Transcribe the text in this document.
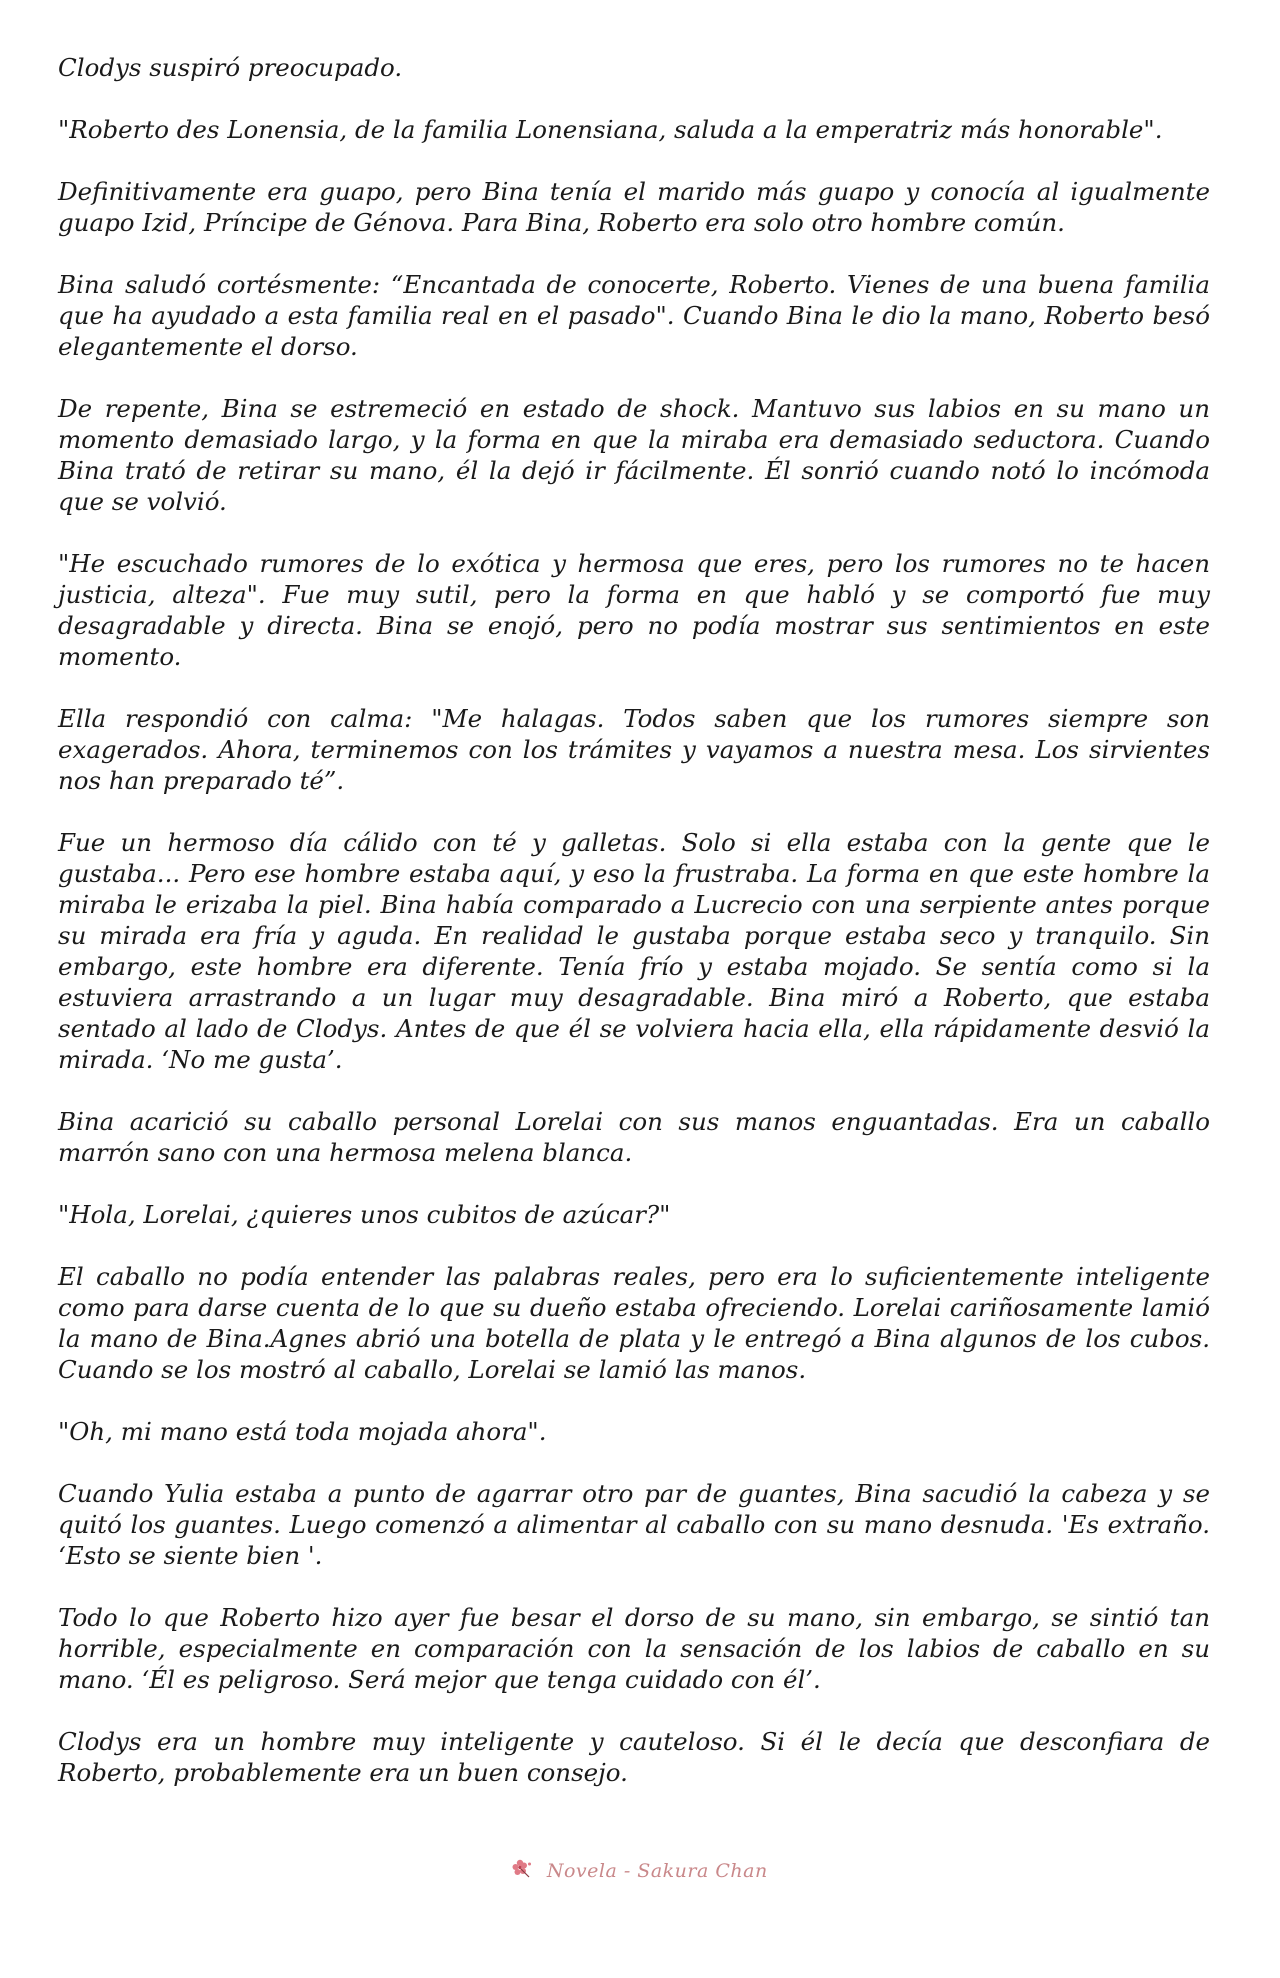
Clodys suspiró preocupado.

"Roberto des Lonensia, de la familia Lonensiana, saluda a la emperatriz más honorable".

Definitivamente era guapo, pero Bina tenía el marido más guapo y conocía al igualmente guapo Izid, Príncipe de Génova. Para Bina, Roberto era solo otro hombre común.

Bina saludó cortésmente: “Encantada de conocerte, Roberto. Vienes de una buena familia que ha ayudado a esta familia real en el pasado". Cuando Bina le dio la mano, Roberto besó elegantemente el dorso.

De repente, Bina se estremeció en estado de shock. Mantuvo sus labios en su mano un momento demasiado largo, y la forma en que la miraba era demasiado seductora. Cuando Bina trató de retirar su mano, él la dejó ir fácilmente. Él sonrió cuando notó lo incómoda que se volvió.

"He escuchado rumores de lo exótica y hermosa que eres, pero los rumores no te hacen justicia, alteza". Fue muy sutil, pero la forma en que habló y se comportó fue muy desagradable y directa. Bina se enojó, pero no podía mostrar sus sentimientos en este momento.

Ella respondió con calma: "Me halagas. Todos saben que los rumores siempre son exagerados. Ahora, terminemos con los trámites y vayamos a nuestra mesa. Los sirvientes nos han preparado té”.

Fue un hermoso día cálido con té y galletas. Solo si ella estaba con la gente que le gustaba... Pero ese hombre estaba aquí, y eso la frustraba. La forma en que este hombre la miraba le erizaba la piel. Bina había comparado a Lucrecio con una serpiente antes porque su mirada era fría y aguda. En realidad le gustaba porque estaba seco y tranquilo. Sin embargo, este hombre era diferente. Tenía frío y estaba mojado. Se sentía como si la estuviera arrastrando a un lugar muy desagradable. Bina miró a Roberto, que estaba sentado al lado de Clodys. Antes de que él se volviera hacia ella, ella rápidamente desvió la mirada. ‘No me gusta’.

Bina acarició su caballo personal Lorelai con sus manos enguantadas. Era un caballo marrón sano con una hermosa melena blanca.

"Hola, Lorelai, ¿quieres unos cubitos de azúcar?"

El caballo no podía entender las palabras reales, pero era lo suficientemente inteligente como para darse cuenta de lo que su dueño estaba ofreciendo. Lorelai cariñosamente lamió la mano de Bina.Agnes abrió una botella de plata y le entregó a Bina algunos de los cubos. Cuando se los mostró al caballo, Lorelai se lamió las manos.

"Oh, mi mano está toda mojada ahora".

Cuando Yulia estaba a punto de agarrar otro par de guantes, Bina sacudió la cabeza y se quitó los guantes. Luego comenzó a alimentar al caballo con su mano desnuda. 'Es extraño. ‘Esto se siente bien '.

Todo lo que Roberto hizo ayer fue besar el dorso de su mano, sin embargo, se sintió tan horrible, especialmente en comparación con la sensación de los labios de caballo en su mano. ‘Él es peligroso. Será mejor que tenga cuidado con él’.

Clodys era un hombre muy inteligente y cauteloso. Si él le decía que desconfiara de Roberto, probablemente era un buen consejo.

Novela - Sakura Chan
